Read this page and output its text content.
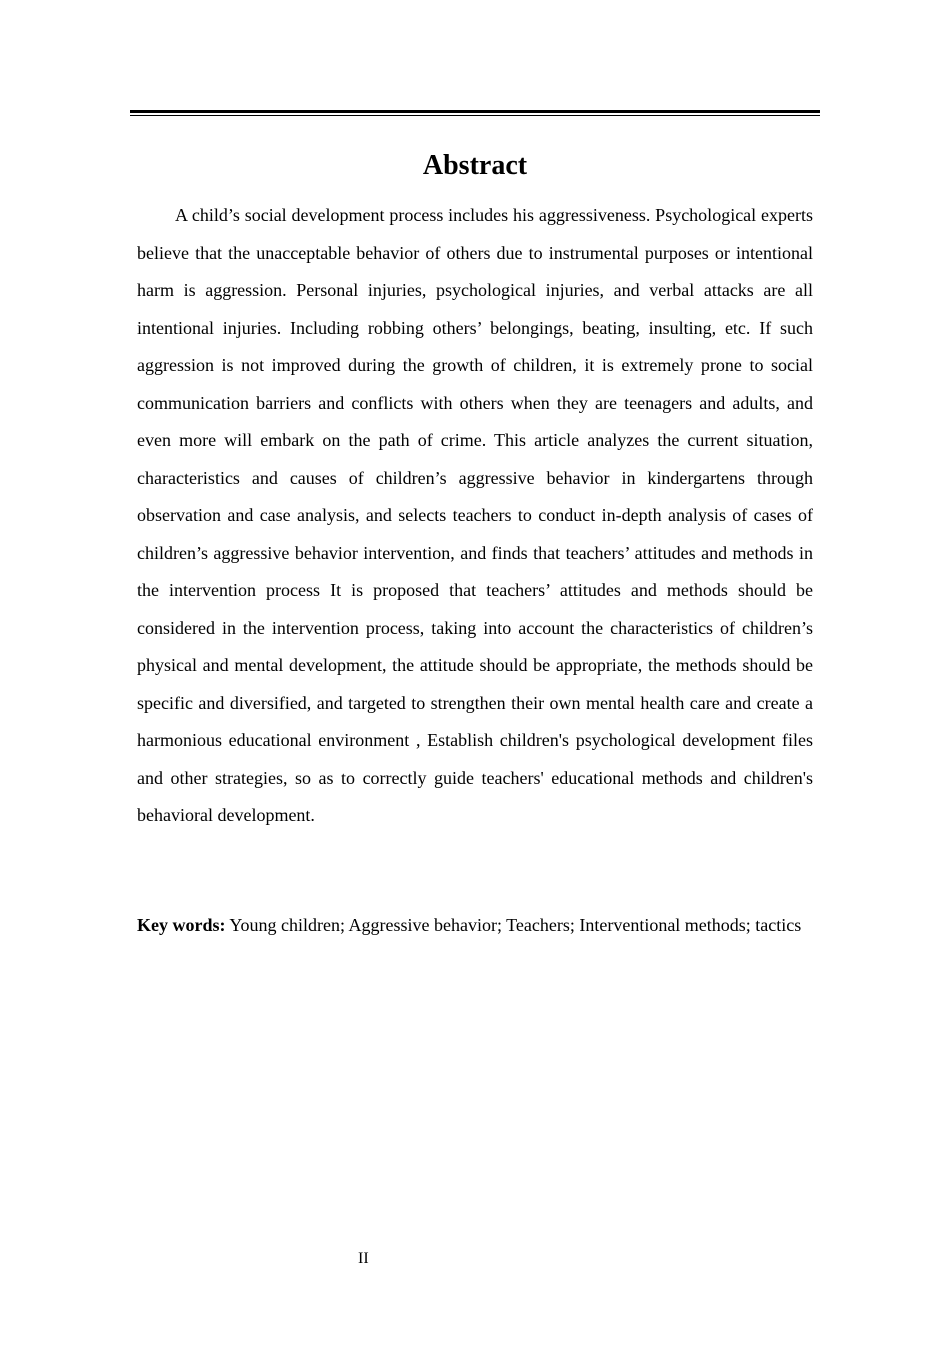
Abstract

A child’s social development process includes his aggressiveness. Psychological experts believe that the unacceptable behavior of others due to instrumental purposes or intentional harm is aggression. Personal injuries, psychological injuries, and verbal attacks are all intentional injuries. Including robbing others’ belongings, beating, insulting, etc. If such aggression is not improved during the growth of children, it is extremely prone to social communication barriers and conflicts with others when they are teenagers and adults, and even more will embark on the path of crime. This article analyzes the current situation, characteristics and causes of children’s aggressive behavior in kindergartens through observation and case analysis, and selects teachers to conduct in-depth analysis of cases of children’s aggressive behavior intervention, and finds that teachers’ attitudes and methods in the intervention process It is proposed that teachers’ attitudes and methods should be considered in the intervention process, taking into account the characteristics of children’s physical and mental development, the attitude should be appropriate, the methods should be specific and diversified, and targeted to strengthen their own mental health care and create a harmonious educational environment , Establish children's psychological development files and other strategies, so as to correctly guide teachers' educational methods and children's behavioral development.

Key words: Young children; Aggressive behavior; Teachers; Interventional methods; tactics

II
